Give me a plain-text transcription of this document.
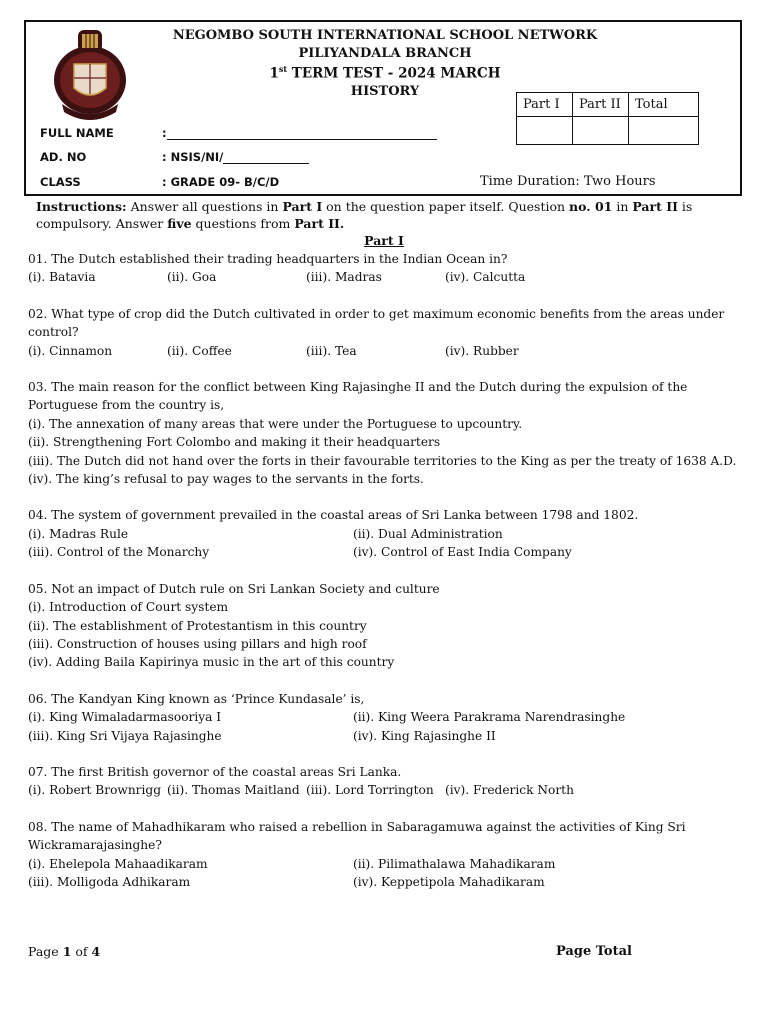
NEGOMBO SOUTH INTERNATIONAL SCHOOL NETWORK
PILIYANDALA BRANCH
1st TERM TEST - 2024 MARCH
HISTORY
Part I	Part II	Total

FULL NAME	:
AD. NO	: NSIS/NI/
CLASS	: GRADE 09- B/C/D	Time Duration: Two Hours
Instructions: Answer all questions in Part I on the question paper itself. Question no. 01 in Part II is compulsory. Answer five questions from Part II.
Part I
01. The Dutch established their trading headquarters in the Indian Ocean in?
(i). Batavia	(ii). Goa	(iii). Madras	(iv). Calcutta
02. What type of crop did the Dutch cultivated in order to get maximum economic benefits from the areas under control?
(i). Cinnamon	(ii). Coffee	(iii). Tea	(iv). Rubber
03. The main reason for the conflict between King Rajasinghe II and the Dutch during the expulsion of the Portuguese from the country is,
(i). The annexation of many areas that were under the Portuguese to upcountry.
(ii). Strengthening Fort Colombo and making it their headquarters
(iii). The Dutch did not hand over the forts in their favourable territories to the King as per the treaty of 1638 A.D.
(iv). The king’s refusal to pay wages to the servants in the forts.
04. The system of government prevailed in the coastal areas of Sri Lanka between 1798 and 1802.
(i). Madras Rule	(ii). Dual Administration
(iii). Control of the Monarchy	(iv). Control of East India Company
05. Not an impact of Dutch rule on Sri Lankan Society and culture
(i). Introduction of Court system
(ii). The establishment of Protestantism in this country
(iii). Construction of houses using pillars and high roof
(iv). Adding Baila Kapirinya music in the art of this country
06. The Kandyan King known as ‘Prince Kundasale’ is,
(i). King Wimaladarmasooriya I	(ii). King Weera Parakrama Narendrasinghe
(iii). King Sri Vijaya Rajasinghe	(iv). King Rajasinghe II
07. The first British governor of the coastal areas Sri Lanka.
(i). Robert Brownrigg (ii). Thomas Maitland (iii). Lord Torrington (iv). Frederick North
08. The name of Mahadhikaram who raised a rebellion in Sabaragamuwa against the activities of King Sri Wickramarajasinghe?
(i). Ehelepola Mahaadikaram	(ii). Pilimathalawa Mahadikaram
(iii). Molligoda Adhikaram	(iv). Keppetipola Mahadikaram
Page 1 of 4	Page Total
